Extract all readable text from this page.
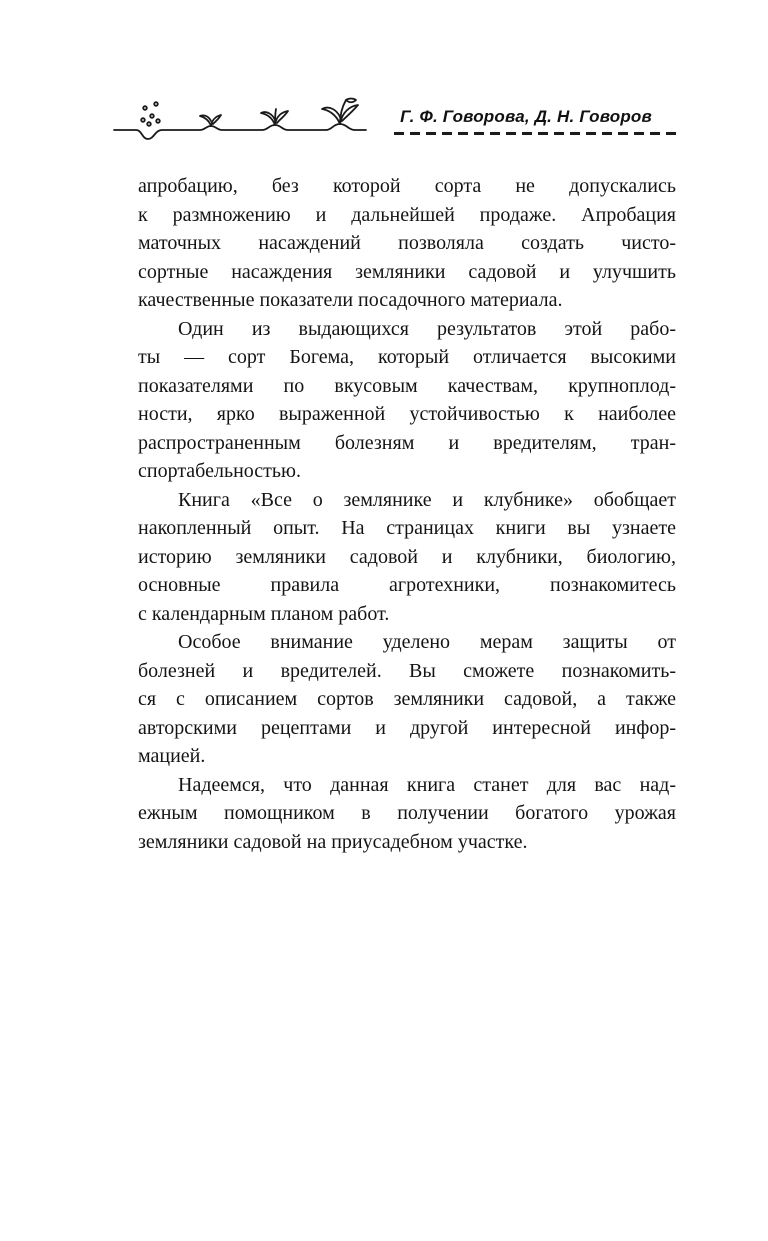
Г. Ф. Говорова, Д. Н. Говоров
апробацию, без которой сорта не допускались
к размножению и дальнейшей продаже. Апробация
маточных насаждений позволяла создать чисто-
сортные насаждения земляники садовой и улучшить
качественные показатели посадочного материала.
Один из выдающихся результатов этой рабо-
ты — сорт Богема, который отличается высокими
показателями по вкусовым качествам, крупноплод-
ности, ярко выраженной устойчивостью к наиболее
распространенным болезням и вредителям, тран-
спортабельностью.
Книга «Все о землянике и клубнике» обобщает
накопленный опыт. На страницах книги вы узнаете
историю земляники садовой и клубники, биологию,
основные правила агротехники, познакомитесь
с календарным планом работ.
Особое внимание уделено мерам защиты от
болезней и вредителей. Вы сможете познакомить-
ся с описанием сортов земляники садовой, а также
авторскими рецептами и другой интересной инфор-
мацией.
Надеемся, что данная книга станет для вас над-
ежным помощником в получении богатого урожая
земляники садовой на приусадебном участке.
